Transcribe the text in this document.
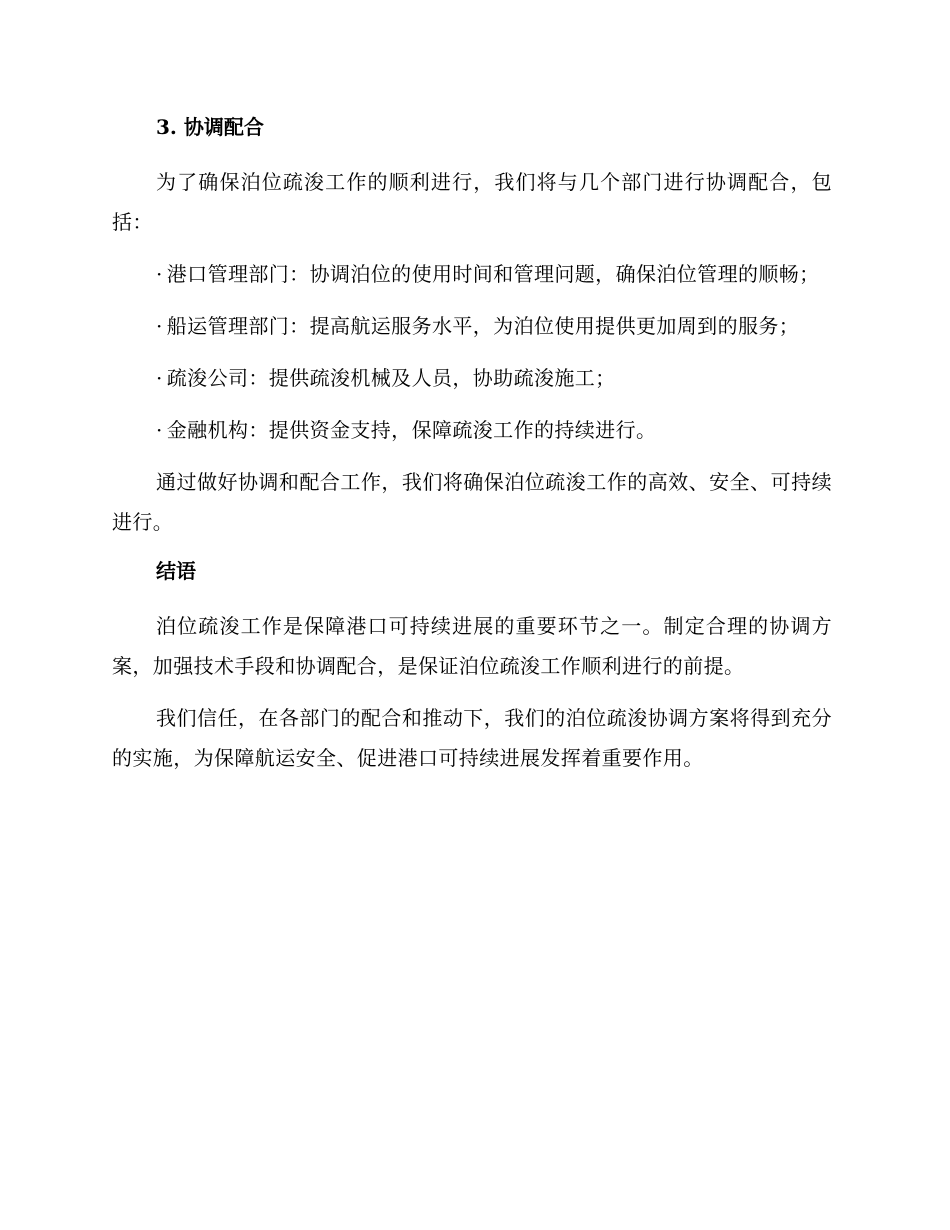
3. 协调配合

为了确保泊位疏浚工作的顺利进行，我们将与几个部门进行协调配合，包括：

· 港口管理部门：协调泊位的使用时间和管理问题，确保泊位管理的顺畅；

· 船运管理部门：提高航运服务水平，为泊位使用提供更加周到的服务；

· 疏浚公司：提供疏浚机械及人员，协助疏浚施工；

· 金融机构：提供资金支持，保障疏浚工作的持续进行。

通过做好协调和配合工作，我们将确保泊位疏浚工作的高效、安全、可持续进行。

结语

泊位疏浚工作是保障港口可持续进展的重要环节之一。制定合理的协调方案，加强技术手段和协调配合，是保证泊位疏浚工作顺利进行的前提。

我们信任，在各部门的配合和推动下，我们的泊位疏浚协调方案将得到充分的实施，为保障航运安全、促进港口可持续进展发挥着重要作用。
